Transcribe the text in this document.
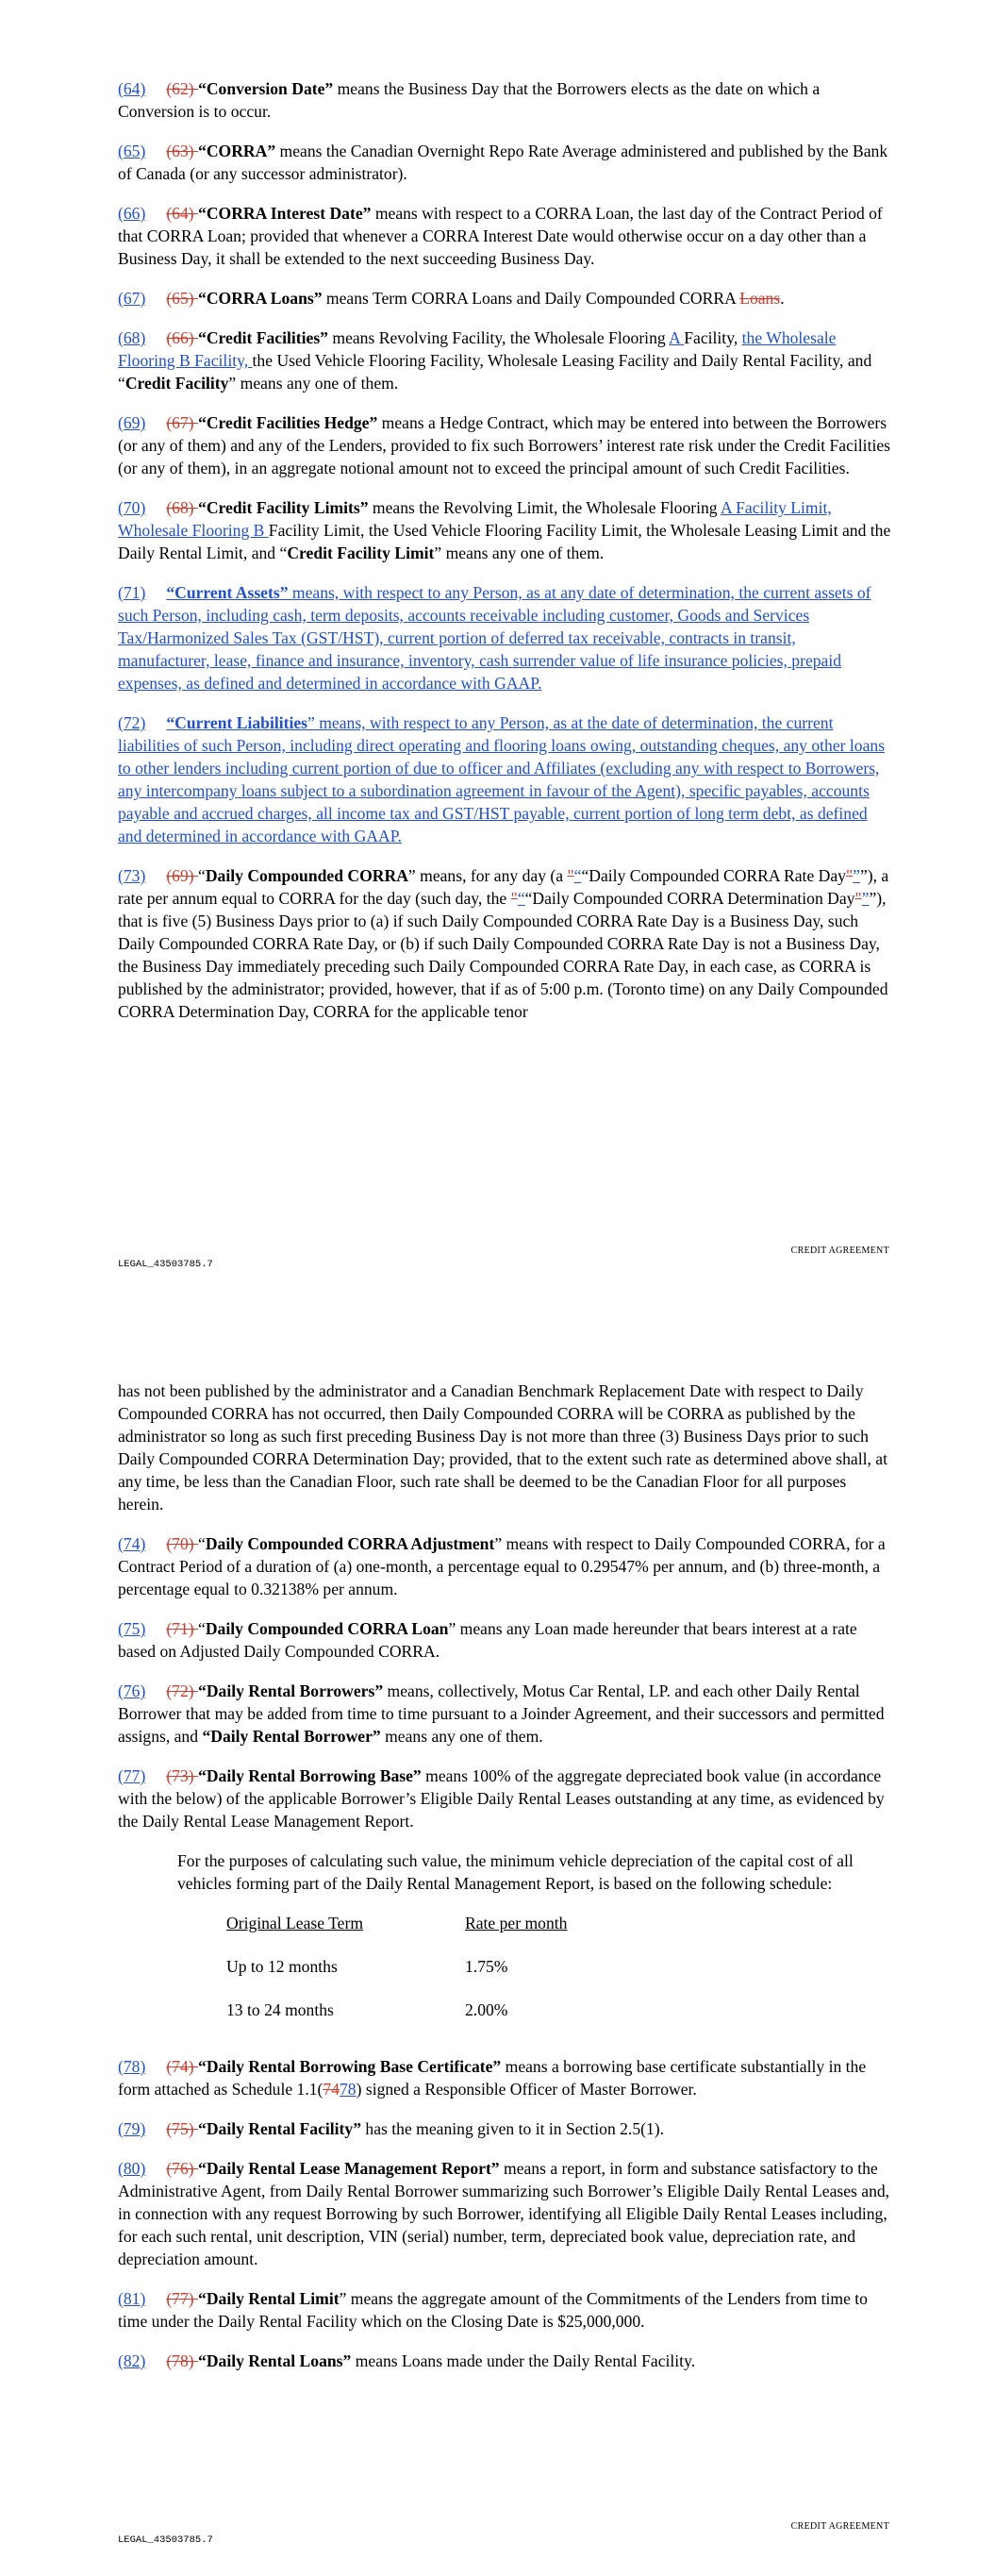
(64) (62) “Conversion Date” means the Business Day that the Borrowers elects as the date on which a Conversion is to occur.

(65) (63) “CORRA” means the Canadian Overnight Repo Rate Average administered and published by the Bank of Canada (or any successor administrator).

(66) (64) “CORRA Interest Date” means with respect to a CORRA Loan, the last day of the Contract Period of that CORRA Loan; provided that whenever a CORRA Interest Date would otherwise occur on a day other than a Business Day, it shall be extended to the next succeeding Business Day.

(67) (65) “CORRA Loans” means Term CORRA Loans and Daily Compounded CORRA Loans.

(68) (66) “Credit Facilities” means Revolving Facility, the Wholesale Flooring A Facility, the Wholesale Flooring B Facility, the Used Vehicle Flooring Facility, Wholesale Leasing Facility and Daily Rental Facility, and “Credit Facility” means any one of them.

(69) (67) “Credit Facilities Hedge” means a Hedge Contract, which may be entered into between the Borrowers (or any of them) and any of the Lenders, provided to fix such Borrowers’ interest rate risk under the Credit Facilities (or any of them), in an aggregate notional amount not to exceed the principal amount of such Credit Facilities.

(70) (68) “Credit Facility Limits” means the Revolving Limit, the Wholesale Flooring A Facility Limit, Wholesale Flooring B Facility Limit, the Used Vehicle Flooring Facility Limit, the Wholesale Leasing Limit and the Daily Rental Limit, and “Credit Facility Limit” means any one of them.

(71) “Current Assets” means, with respect to any Person, as at any date of determination, the current assets of such Person, including cash, term deposits, accounts receivable including customer, Goods and Services Tax/Harmonized Sales Tax (GST/HST), current portion of deferred tax receivable, contracts in transit, manufacturer, lease, finance and insurance, inventory, cash surrender value of life insurance policies, prepaid expenses, as defined and determined in accordance with GAAP.

(72) “Current Liabilities” means, with respect to any Person, as at the date of determination, the current liabilities of such Person, including direct operating and flooring loans owing, outstanding cheques, any other loans to other lenders including current portion of due to officer and Affiliates (excluding any with respect to Borrowers, any intercompany loans subject to a subordination agreement in favour of the Agent), specific payables, accounts payable and accrued charges, all income tax and GST/HST payable, current portion of long term debt, as defined and determined in accordance with GAAP.

(73) (69) “Daily Compounded CORRA” means, for any day (a "““Daily Compounded CORRA Rate Day"””), a rate per annum equal to CORRA for the day (such day, the "““Daily Compounded CORRA Determination Day"””), that is five (5) Business Days prior to (a) if such Daily Compounded CORRA Rate Day is a Business Day, such Daily Compounded CORRA Rate Day, or (b) if such Daily Compounded CORRA Rate Day is not a Business Day, the Business Day immediately preceding such Daily Compounded CORRA Rate Day, in each case, as CORRA is published by the administrator; provided, however, that if as of 5:00 p.m. (Toronto time) on any Daily Compounded CORRA Determination Day, CORRA for the applicable tenor

CREDIT AGREEMENT
LEGAL_43503785.7

has not been published by the administrator and a Canadian Benchmark Replacement Date with respect to Daily Compounded CORRA has not occurred, then Daily Compounded CORRA will be CORRA as published by the administrator so long as such first preceding Business Day is not more than three (3) Business Days prior to such Daily Compounded CORRA Determination Day; provided, that to the extent such rate as determined above shall, at any time, be less than the Canadian Floor, such rate shall be deemed to be the Canadian Floor for all purposes herein.

(74) (70) “Daily Compounded CORRA Adjustment” means with respect to Daily Compounded CORRA, for a Contract Period of a duration of (a) one-month, a percentage equal to 0.29547% per annum, and (b) three-month, a percentage equal to 0.32138% per annum.

(75) (71) “Daily Compounded CORRA Loan” means any Loan made hereunder that bears interest at a rate based on Adjusted Daily Compounded CORRA.

(76) (72) “Daily Rental Borrowers” means, collectively, Motus Car Rental, LP. and each other Daily Rental Borrower that may be added from time to time pursuant to a Joinder Agreement, and their successors and permitted assigns, and “Daily Rental Borrower” means any one of them.

(77) (73) “Daily Rental Borrowing Base” means 100% of the aggregate depreciated book value (in accordance with the below) of the applicable Borrower’s Eligible Daily Rental Leases outstanding at any time, as evidenced by the Daily Rental Lease Management Report.

For the purposes of calculating such value, the minimum vehicle depreciation of the capital cost of all vehicles forming part of the Daily Rental Management Report, is based on the following schedule:

Original Lease Term	Rate per month
Up to 12 months	1.75%
13 to 24 months	2.00%

(78) (74) “Daily Rental Borrowing Base Certificate” means a borrowing base certificate substantially in the form attached as Schedule 1.1(7478) signed a Responsible Officer of Master Borrower.

(79) (75) “Daily Rental Facility” has the meaning given to it in Section 2.5(1).

(80) (76) “Daily Rental Lease Management Report” means a report, in form and substance satisfactory to the Administrative Agent, from Daily Rental Borrower summarizing such Borrower’s Eligible Daily Rental Leases and, in connection with any request Borrowing by such Borrower, identifying all Eligible Daily Rental Leases including, for each such rental, unit description, VIN (serial) number, term, depreciated book value, depreciation rate, and depreciation amount.

(81) (77) “Daily Rental Limit” means the aggregate amount of the Commitments of the Lenders from time to time under the Daily Rental Facility which on the Closing Date is $25,000,000.

(82) (78) “Daily Rental Loans” means Loans made under the Daily Rental Facility.

CREDIT AGREEMENT
LEGAL_43503785.7
